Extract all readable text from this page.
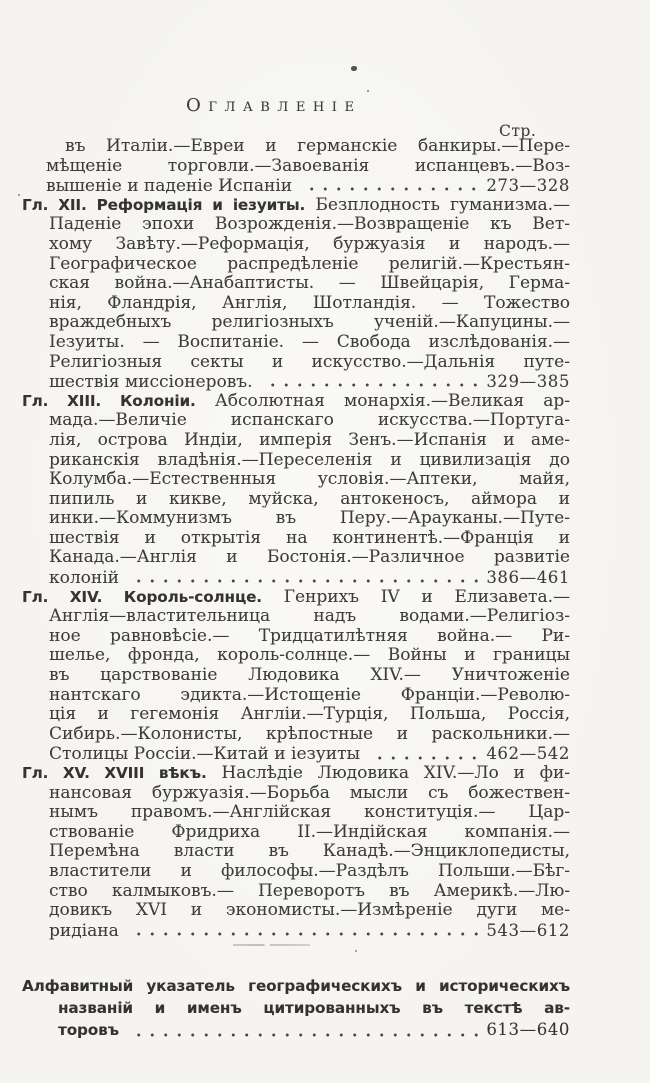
Оглавленіе
Стр.
въ Италіи.—Евреи и германскіе банкиры.—Пере-
мѣщеніе торговли.—Завоеванія испанцевъ.—Воз-
вышеніе и паденіе Испаніи	273—328
Гл. XII. Реформація и іезуиты. Безплодность гуманизма.—
Паденіе эпохи Возрожденія.—Возвращеніе къ Вет-
хому Завѣту.—Реформація, буржуазія и народъ.—
Географическое распредѣленіе религій.—Крестьян-
ская война.—Анабаптисты. — Швейцарія, Герма-
нія, Фландрія, Англія, Шотландія. — Тожество
враждебныхъ религіозныхъ ученій.—Капуцины.—
Іезуиты. — Воспитаніе. — Свобода изслѣдованія.—
Религіозныя секты и искусство.—Дальнія путе-
шествія миссіонеровъ.	329—385
Гл. XIII. Колоніи. Абсолютная монархія.—Великая ар-
мада.—Величіе испанскаго искусства.—Португа-
лія, острова Индіи, имперія Зенъ.—Испанія и аме-
риканскія владѣнія.—Переселенія и цивилизація до
Колумба.—Естественныя условія.—Аптеки, майя,
пипиль и кикве, муйска, антокеносъ, аймора и
инки.—Коммунизмъ въ Перу.—Арауканы.—Путе-
шествія и открытія на континентѣ.—Франція и
Канада.—Англія и Бостонія.—Различное развитіе
колоній	386—461
Гл. XIV. Король-солнце. Генрихъ IV и Елизавета.—
Англія—властительница надъ водами.—Религіоз-
ное равновѣсіе.— Тридцатилѣтняя война.— Ри-
шелье, фронда, король-солнце.— Войны и границы
въ царствованіе Людовика XIV.— Уничтоженіе
нантскаго эдикта.—Истощеніе Франціи.—Револю-
ція и гегемонія Англіи.—Турція, Польша, Россія,
Сибирь.—Колонисты, крѣпостные и раскольники.—
Столицы Россіи.—Китай и іезуиты	462—542
Гл. XV. XVIII вѣкъ. Наслѣдіе Людовика XIV.—Ло и фи-
нансовая буржуазія.—Борьба мысли съ божествен-
нымъ правомъ.—Англійская конституція.— Цар-
ствованіе Фридриха II.—Индійская компанія.—
Перемѣна власти въ Канадѣ.—Энциклопедисты,
властители и философы.—Раздѣлъ Польши.—Бѣг-
ство калмыковъ.— Переворотъ въ Америкѣ.—Лю-
довикъ XVI и экономисты.—Измѣреніе дуги ме-
ридіана	543—612
Алфавитный указатель географическихъ и историческихъ
названій и именъ цитированныхъ въ текстѣ ав-
торовъ	613—640
